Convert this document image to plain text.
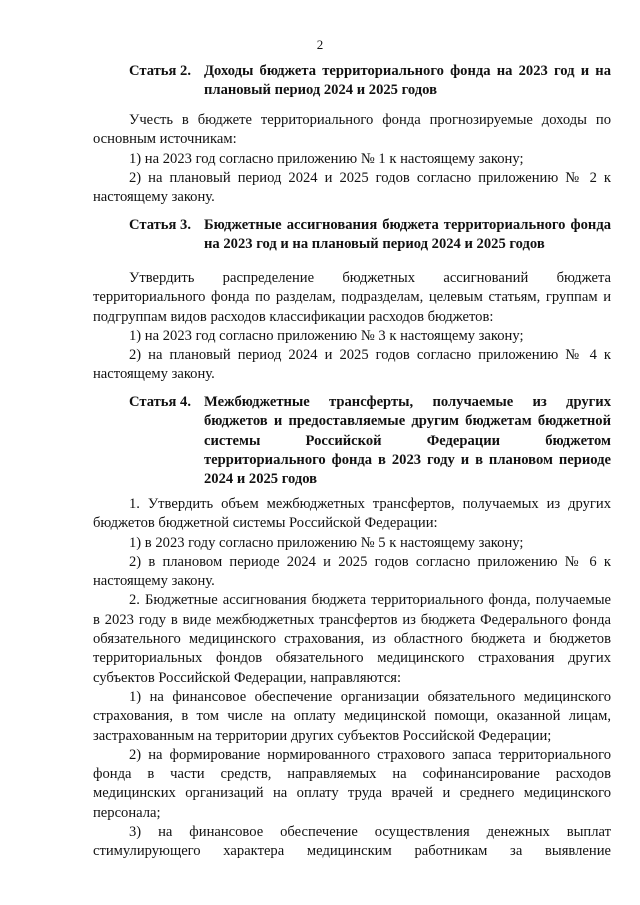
2
Статья 2. Доходы бюджета территориального фонда на 2023 год и на плановый период 2024 и 2025 годов

Учесть в бюджете территориального фонда прогнозируемые доходы по основным источникам:

1) на 2023 год согласно приложению № 1 к настоящему закону;

2) на плановый период 2024 и 2025 годов согласно приложению № 2 к настоящему закону.

Статья 3. Бюджетные ассигнования бюджета территориального фонда на 2023 год и на плановый период 2024 и 2025 годов

Утвердить распределение бюджетных ассигнований бюджета территориального фонда по разделам, подразделам, целевым статьям, группам и подгруппам видов расходов классификации расходов бюджетов:

1) на 2023 год согласно приложению № 3 к настоящему закону;

2) на плановый период 2024 и 2025 годов согласно приложению № 4 к настоящему закону.

Статья 4. Межбюджетные трансферты, получаемые из других бюджетов и предоставляемые другим бюджетам бюджетной системы Российской Федерации бюджетом территориального фонда в 2023 году и в плановом периоде 2024 и 2025 годов

1. Утвердить объем межбюджетных трансфертов, получаемых из других бюджетов бюджетной системы Российской Федерации:

1) в 2023 году согласно приложению № 5 к настоящему закону;

2) в плановом периоде 2024 и 2025 годов согласно приложению № 6 к настоящему закону.

2. Бюджетные ассигнования бюджета территориального фонда, получаемые в 2023 году в виде межбюджетных трансфертов из бюджета Федерального фонда обязательного медицинского страхования, из областного бюджета и бюджетов территориальных фондов обязательного медицинского страхования других субъектов Российской Федерации, направляются:

1) на финансовое обеспечение организации обязательного медицинского страхования, в том числе на оплату медицинской помощи, оказанной лицам, застрахованным на территории других субъектов Российской Федерации;

2) на формирование нормированного страхового запаса территориального фонда в части средств, направляемых на софинансирование расходов медицинских организаций на оплату труда врачей и среднего медицинского персонала;

3) на финансовое обеспечение осуществления денежных выплат стимулирующего характера медицинским работникам за выявление
